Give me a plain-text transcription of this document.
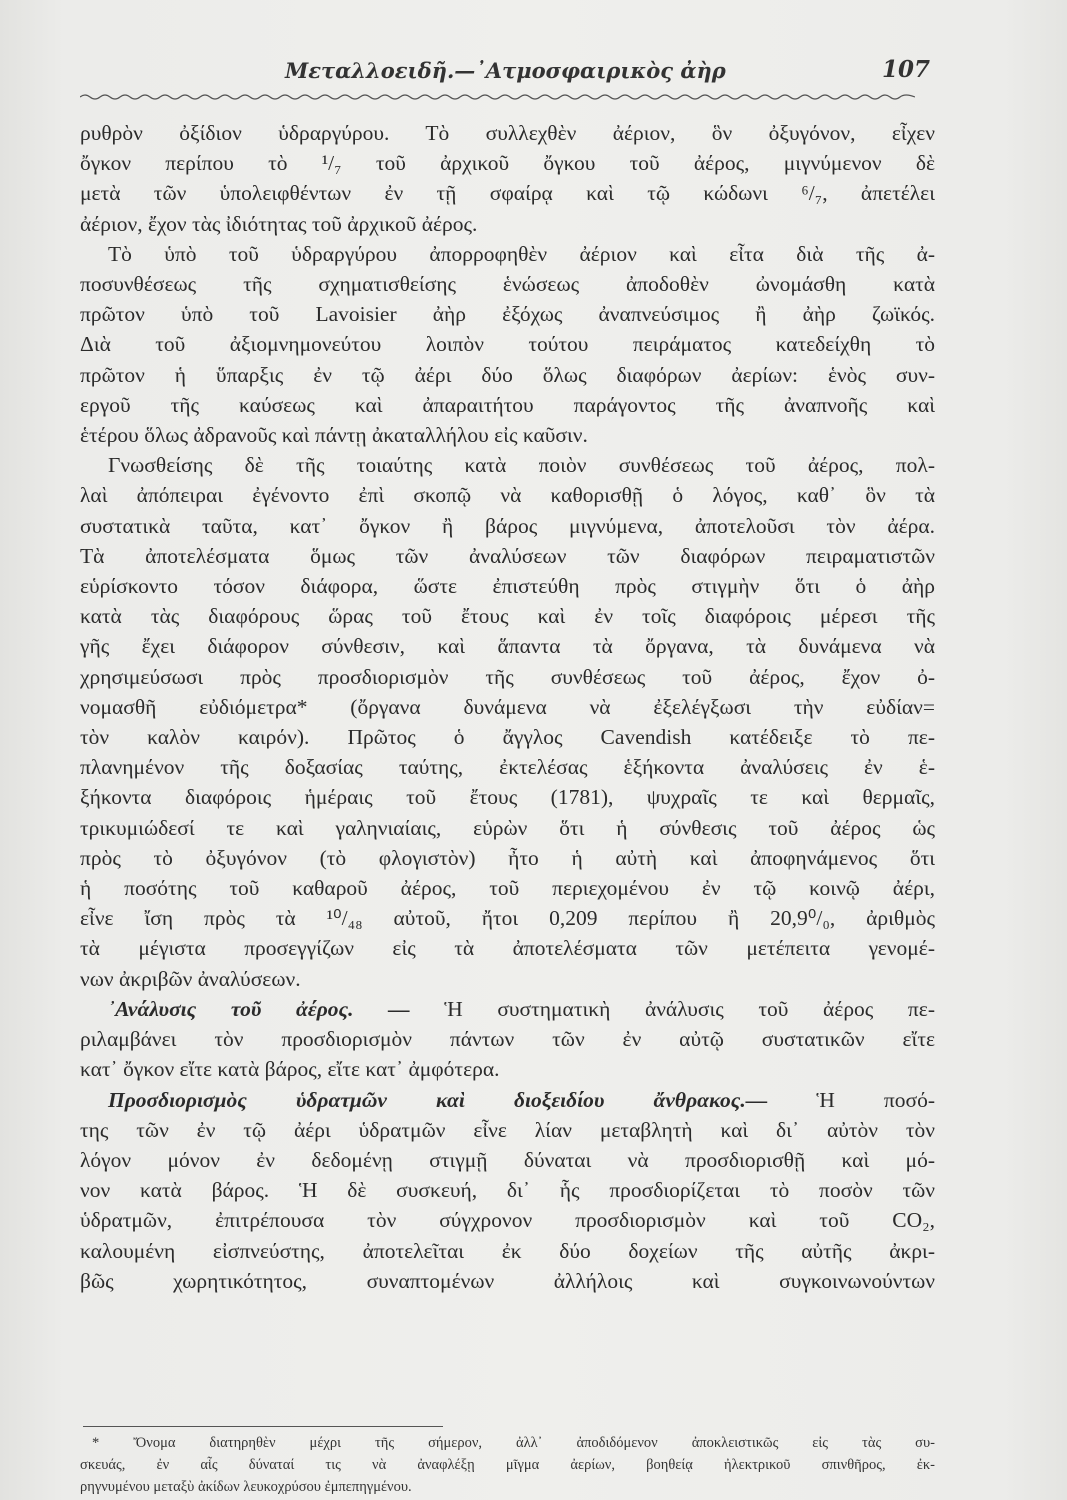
Μεταλλοειδῆ.—᾿Ατμοσφαιρικὸς ἀὴρ	107
ρυθρὸν ὀξίδιον ὑδραργύρου. Τὸ συλλεχθὲν ἀέριον, ὃν ὀξυγόνον, εἶχεν
ὄγκον περίπου τὸ ¹/₇ τοῦ ἀρχικοῦ ὄγκου τοῦ ἀέρος, μιγνύμενον δὲ
μετὰ τῶν ὑπολειφθέντων ἐν τῇ σφαίρᾳ καὶ τῷ κώδωνι ⁶/₇, ἀπετέλει
ἀέριον, ἔχον τὰς ἰδιότητας τοῦ ἀρχικοῦ ἀέρος.
Τὸ ὑπὸ τοῦ ὑδραργύρου ἀπορροφηθὲν ἀέριον καὶ εἶτα διὰ τῆς ἀ-
ποσυνθέσεως τῆς σχηματισθείσης ἑνώσεως ἀποδοθὲν ὠνομάσθη κατὰ
πρῶτον ὑπὸ τοῦ Lavoisier ἀὴρ ἐξόχως ἀναπνεύσιμος ἢ ἀὴρ ζωϊκός.
Διὰ τοῦ ἀξιομνημονεύτου λοιπὸν τούτου πειράματος κατεδείχθη τὸ
πρῶτον ἡ ὕπαρξις ἐν τῷ ἀέρι δύο ὅλως διαφόρων ἀερίων: ἑνὸς συν-
εργοῦ τῆς καύσεως καὶ ἀπαραιτήτου παράγοντος τῆς ἀναπνοῆς καὶ
ἑτέρου ὅλως ἀδρανοῦς καὶ πάντῃ ἀκαταλλήλου εἰς καῦσιν.
Γνωσθείσης δὲ τῆς τοιαύτης κατὰ ποιὸν συνθέσεως τοῦ ἀέρος, πολ-
λαὶ ἀπόπειραι ἐγένοντο ἐπὶ σκοπῷ νὰ καθορισθῇ ὁ λόγος, καθ᾿ ὃν τὰ
συστατικὰ ταῦτα, κατ᾿ ὄγκον ἢ βάρος μιγνύμενα, ἀποτελοῦσι τὸν ἀέρα.
Τὰ ἀποτελέσματα ὅμως τῶν ἀναλύσεων τῶν διαφόρων πειραματιστῶν
εὑρίσκοντο τόσον διάφορα, ὥστε ἐπιστεύθη πρὸς στιγμὴν ὅτι ὁ ἀὴρ
κατὰ τὰς διαφόρους ὥρας τοῦ ἔτους καὶ ἐν τοῖς διαφόροις μέρεσι τῆς
γῆς ἔχει διάφορον σύνθεσιν, καὶ ἅπαντα τὰ ὄργανα, τὰ δυνάμενα νὰ
χρησιμεύσωσι πρὸς προσδιορισμὸν τῆς συνθέσεως τοῦ ἀέρος, ἔχον ὀ-
νομασθῆ εὐδιόμετρα* (ὄργανα δυνάμενα νὰ ἐξελέγξωσι τὴν εὐδίαν=
τὸν καλὸν καιρόν). Πρῶτος ὁ ἄγγλος Cavendish κατέδειξε τὸ πε-
πλανημένον τῆς δοξασίας ταύτης, ἐκτελέσας ἑξήκοντα ἀναλύσεις ἐν ἑ-
ξήκοντα διαφόροις ἡμέραις τοῦ ἔτους (1781), ψυχραῖς τε καὶ θερμαῖς,
τρικυμιώδεσί τε καὶ γαληνιαίαις, εὑρὼν ὅτι ἡ σύνθεσις τοῦ ἀέρος ὡς
πρὸς τὸ ὀξυγόνον (τὸ φλογιστὸν) ἦτο ἡ αὐτὴ καὶ ἀποφηνάμενος ὅτι
ἡ ποσότης τοῦ καθαροῦ ἀέρος, τοῦ περιεχομένου ἐν τῷ κοινῷ ἀέρι,
εἶνε ἴση πρὸς τὰ ¹⁰/₄₈ αὐτοῦ, ἤτοι 0,209 περίπου ἢ 20,9⁰/₀, ἀριθμὸς
τὰ μέγιστα προσεγγίζων εἰς τὰ ἀποτελέσματα τῶν μετέπειτα γενομέ-
νων ἀκριβῶν ἀναλύσεων.
᾿Ανάλυσις τοῦ ἀέρος. — Ἡ συστηματικὴ ἀνάλυσις τοῦ ἀέρος πε-
ριλαμβάνει τὸν προσδιορισμὸν πάντων τῶν ἐν αὐτῷ συστατικῶν εἴτε
κατ᾿ ὄγκον εἴτε κατὰ βάρος, εἴτε κατ᾿ ἀμφότερα.
Προσδιορισμὸς ὑδρατμῶν καὶ διοξειδίου ἄνθρακος.— Ἡ ποσό-
της τῶν ἐν τῷ ἀέρι ὑδρατμῶν εἶνε λίαν μεταβλητὴ καὶ δι᾿ αὐτὸν τὸν
λόγον μόνον ἐν δεδομένῃ στιγμῇ δύναται νὰ προσδιορισθῇ καὶ μό-
νον κατὰ βάρος. Ἡ δὲ συσκευή, δι᾿ ἧς προσδιορίζεται τὸ ποσὸν τῶν
ὑδρατμῶν, ἐπιτρέπουσα τὸν σύγχρονον προσδιορισμὸν καὶ τοῦ CO₂,
καλουμένη εἰσπνεύστης, ἀποτελεῖται ἐκ δύο δοχείων τῆς αὐτῆς ἀκρι-
βῶς χωρητικότητος, συναπτομένων ἀλλήλοις καὶ συγκοινωνούντων
* Ὄνομα διατηρηθὲν μέχρι τῆς σήμερον, ἀλλ᾿ ἀποδιδόμενον ἀποκλειστικῶς εἰς τὰς συ-
σκευάς, ἐν αἷς δύναταί τις νὰ ἀναφλέξῃ μῖγμα ἀερίων, βοηθείᾳ ἠλεκτρικοῦ σπινθῆρος, ἐκ-
ρηγνυμένου μεταξὺ ἀκίδων λευκοχρύσου ἐμπεπηγμένου.
